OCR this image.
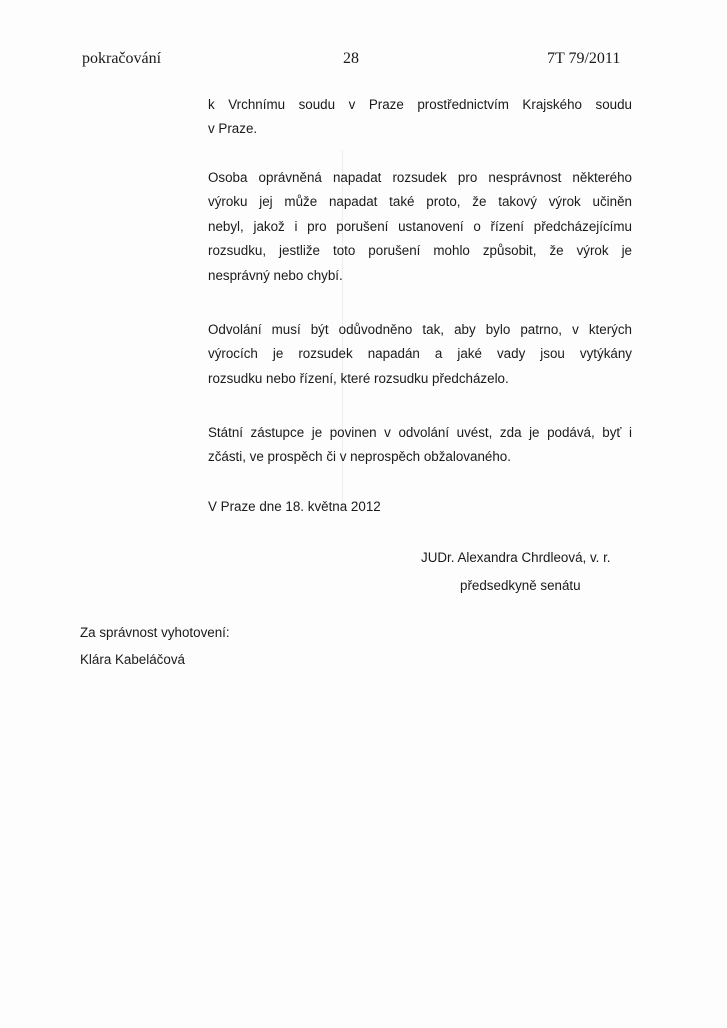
pokračování	28	7T 79/2011
k Vrchnímu soudu v Praze prostřednictvím Krajského soudu
v Praze.
Osoba oprávněná napadat rozsudek pro nesprávnost některého
výroku jej může napadat také proto, že takový výrok učiněn
nebyl, jakož i pro porušení ustanovení o řízení předcházejícímu
rozsudku, jestliže toto porušení mohlo způsobit, že výrok je
nesprávný nebo chybí.
Odvolání musí být odůvodněno tak, aby bylo patrno, v kterých
výrocích je rozsudek napadán a jaké vady jsou vytýkány
rozsudku nebo řízení, které rozsudku předcházelo.
Státní zástupce je povinen v odvolání uvést, zda je podává, byť i
zčásti, ve prospěch či v neprospěch obžalovaného.
V Praze dne 18. května 2012
JUDr. Alexandra Chrdleová, v. r.
předsedkyně senátu
Za správnost vyhotovení:
Klára Kabeláčová
